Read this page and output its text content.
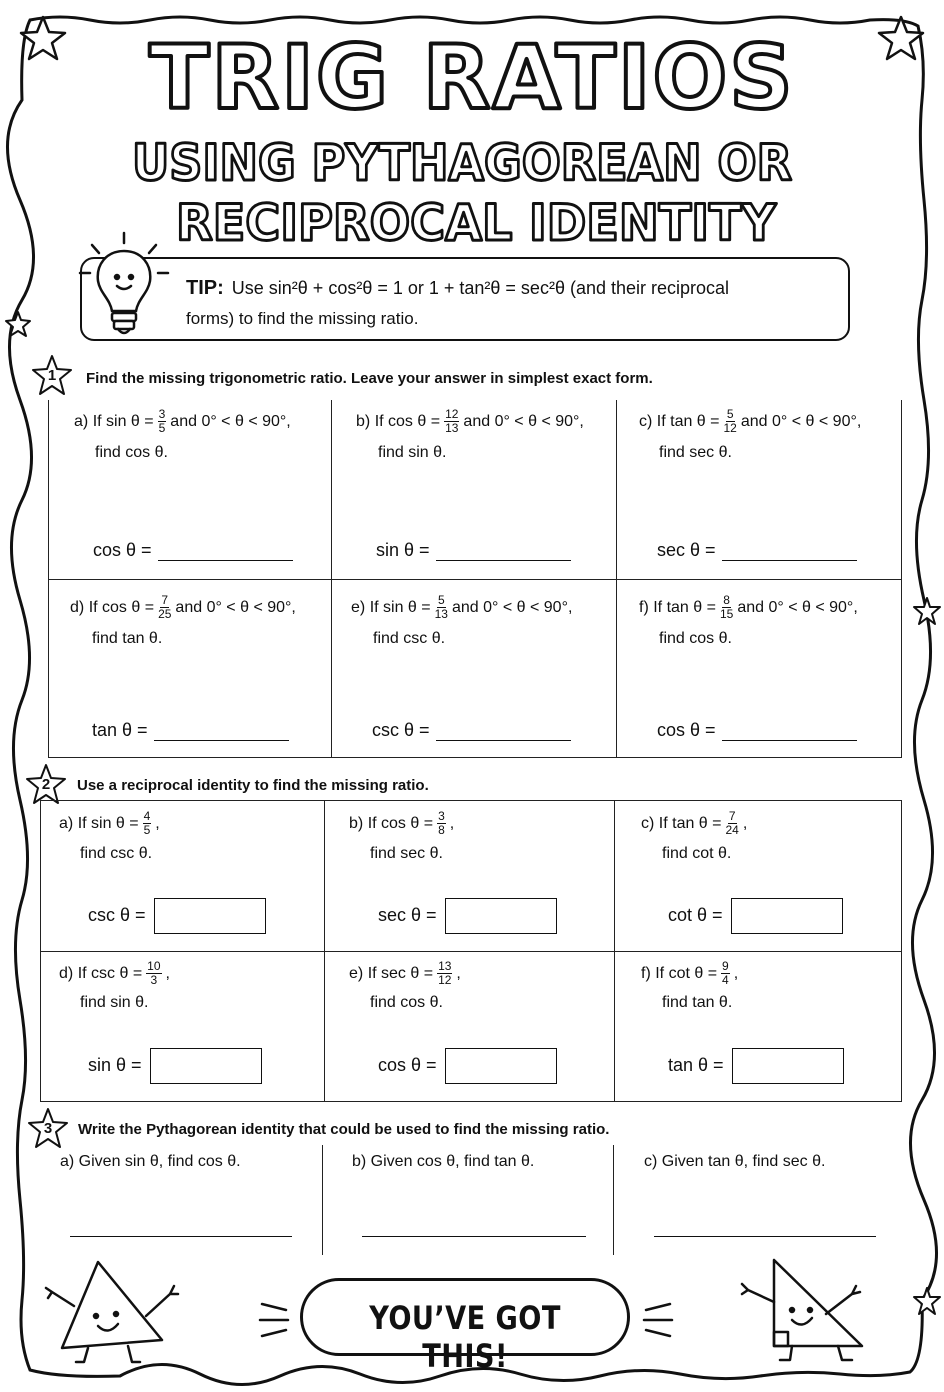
TRIG RATIOS
USING PYTHAGOREAN OR
RECIPROCAL IDENTITY
TIP: Use sin²θ + cos²θ = 1 or 1 + tan²θ = sec²θ (and their reciprocal
forms) to find the missing ratio.
1	Find the missing trigonometric ratio. Leave your answer in simplest exact form.
a)
If $\sin \theta = \frac{3}{5}$ and 0° < θ < 90°,
find cos θ.
cos θ =
b)
If $\cos \theta = \frac{12}{13}$ and 0° < θ < 90°,
find sin θ.
sin θ =
c)
If $\tan \theta = \frac{5}{12}$ and 0° < θ < 90°,
find sec θ.
sec θ =
d)
If $\cos \theta = \frac{7}{25}$ and 0° < θ < 90°,
find tan θ.
tan θ =
e)
If $\sin \theta = \frac{5}{13}$ and 0° < θ < 90°,
find csc θ.
csc θ =
f)
If $\tan \theta = \frac{8}{15}$ and 0° < θ < 90°,
find cos θ.
cos θ =
2	Use a reciprocal identity to find the missing ratio.
a)
If $\sin \theta = \frac{4}{5}$ ,
find csc θ.
csc θ =
b)
If $\cos \theta = \frac{3}{8}$ ,
find sec θ.
sec θ =
c)
If $\tan \theta = \frac{7}{24}$ ,
find cot θ.
cot θ =
d)
If $\csc \theta = \frac{10}{3}$ ,
find sin θ.
sin θ =
e)
If $\sec \theta = \frac{13}{12}$ ,
find cos θ.
cos θ =
f)
If $\cot \theta = \frac{9}{4}$ ,
find tan θ.
tan θ =
3	Write the Pythagorean identity that could be used to find the missing ratio.
a) Given sin θ, find cos θ.	b) Given cos θ, find tan θ.	c) Given tan θ, find sec θ.
YOU’VE GOT THIS!
